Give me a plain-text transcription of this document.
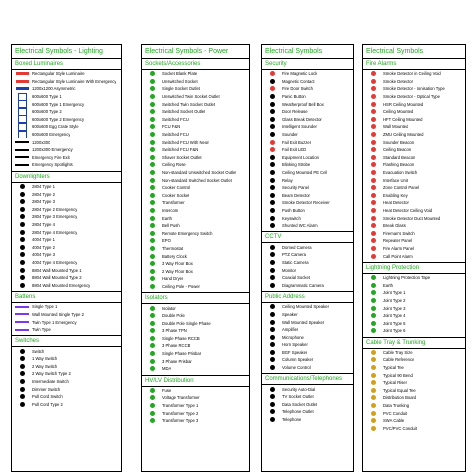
Electrical Symbols - Lighting
Boxed Luminaires
Rectangular Style Luminaire
Rectangular Style Luminaire With Emergency
1200x1200 Asymmetric
600x600 Type 1
600x600 Type 1 Emergency
600x600 Type 2
600x600 Type 2 Emergency
600x600 Egg Crate Style
600x600 Emergency
1200x300
1200x300 Emergency
Emergency Fire Exit
Emergency Spotlights
Downlighters
2804 Type 1
2804 Type 2
2804 Type 3
2804 Type 2 Emergency
2804 Type 3 Emergency
2804 Type 4
2804 Type 4 Emergency
4004 Type 1
4004 Type 2
4004 Type 3
4004 Type 4 Emergency
8804 Wall Mounted Type 1
8804 Wall Mounted Type 2
8804 Wall Mounted Emergency
Battens
Single Type 1
Wall Mounted Single Type 2
Twin Type 1 Emergency
Twin Type
Switches
Switch
1 Way Switch
2 Way Switch
2 Way Switch Type 2
Intermediate Switch
Dimmer Switch
Pull Cord Switch
Pull Cord Type 2
Electrical Symbols - Power
Sockets/Accessories
Socket Blank Plate
Unswitched Socket
Single Socket Outlet
Unswitched Twin Socket Outlet
Switched Twin Socket Outlet
Switched Socket Outlet
Switched FCU
FCU F&N
Switched FCU
Switched FCU With Neon
Switched FCU F&N
Shaver Socket Outlet
Ceiling Rose
Non-standard Unswitched Socket Outlet
Non-standard Switched Socket Outlet
Cooker Control
Cooker Socket
Transformer
Intercom
Earth
Bell Push
Remote Emergency Switch
EPO
Thermostat
Battery Clock
3 Way Floor Box
2 Way Floor Box
Hand Dryer
Ceiling Pole - Power
Isolators
Isolator
Double Pole
Double Pole Single Phase
3 Phase TPN
Single Phase RCCB
3 Phase RCCB
Single Phase Prisbar
3 Phase Prisbar
MDA
HV/LV Distribution
Fuse
Voltage Transformer
Transformer Type 1
Transformer Type 2
Transformer Type 3
Electrical Symbols
Security
Fire Magnetic Lock
Magnetic Contact
Fire Door Switch
Panic Button
Weatherproof Bell Box
Door Release
Glass Break Detector
Intelligent Sounder
Sounder
Fail Exit Buzzer
Fail Exit LED
Equipment Location
Blinking Strobe
Ceiling Mounted PE Cell
Relay
Security Panel
Beam Detector
Smoke Detector Receiver
Push Button
Keyswitch
Shunted WC Alarm
CCTV
Domed Camera
PTZ Camera
Static Camera
Monitor
Coaxial Socket
Diagrammatic Camera
Public Address
Ceiling Mounted Speaker
Speaker
Wall Mounted Speaker
Amplifier
Microphone
Horn Speaker
BGF Speaker
Column Speaker
Volume Control
Communications/Telephones
Security Auto-Dial
TV Socket Outlet
Data Socket Outlet
Telephone Outlet
Telephone
Electrical Symbols
Fire Alarms
Smoke Detector in Ceiling Void
Smoke Detector
Smoke Detector - Ionisation Type
Smoke Detector - Optical Type
HSR Ceiling Mounted
Ceiling Mounted
HFT Ceiling Mounted
Wall Mounted
ZMU Ceiling Mounted
Sounder Beacon
Ceiling Beacon
Standard Beacon
Flashing Beacon
Evacuation Switch
Interface Unit
Zone Control Panel
Enabling Key
Heat Detector
Heat Detector Ceiling Void
Smoke Detector Duct Mounted
Break Glass
Fireman's Switch
Repeater Panel
Fire Alarm Panel
Call Point Alarm
Lightning Protection
Lightning Protection Tape
Earth
Joint Type 1
Joint Type 2
Joint Type 3
Joint Type 4
Joint Type 5
Joint Type 6
Cable Tray & Trunking
Cable Tray Size
Cable Reference
Typical Tee
Typical 90 Bend
Typical Riser
Typical Equal Tee
Distribution Board
Data Trunking
PVC Conduit
SWA Cable
PVC/PVC Conduit
